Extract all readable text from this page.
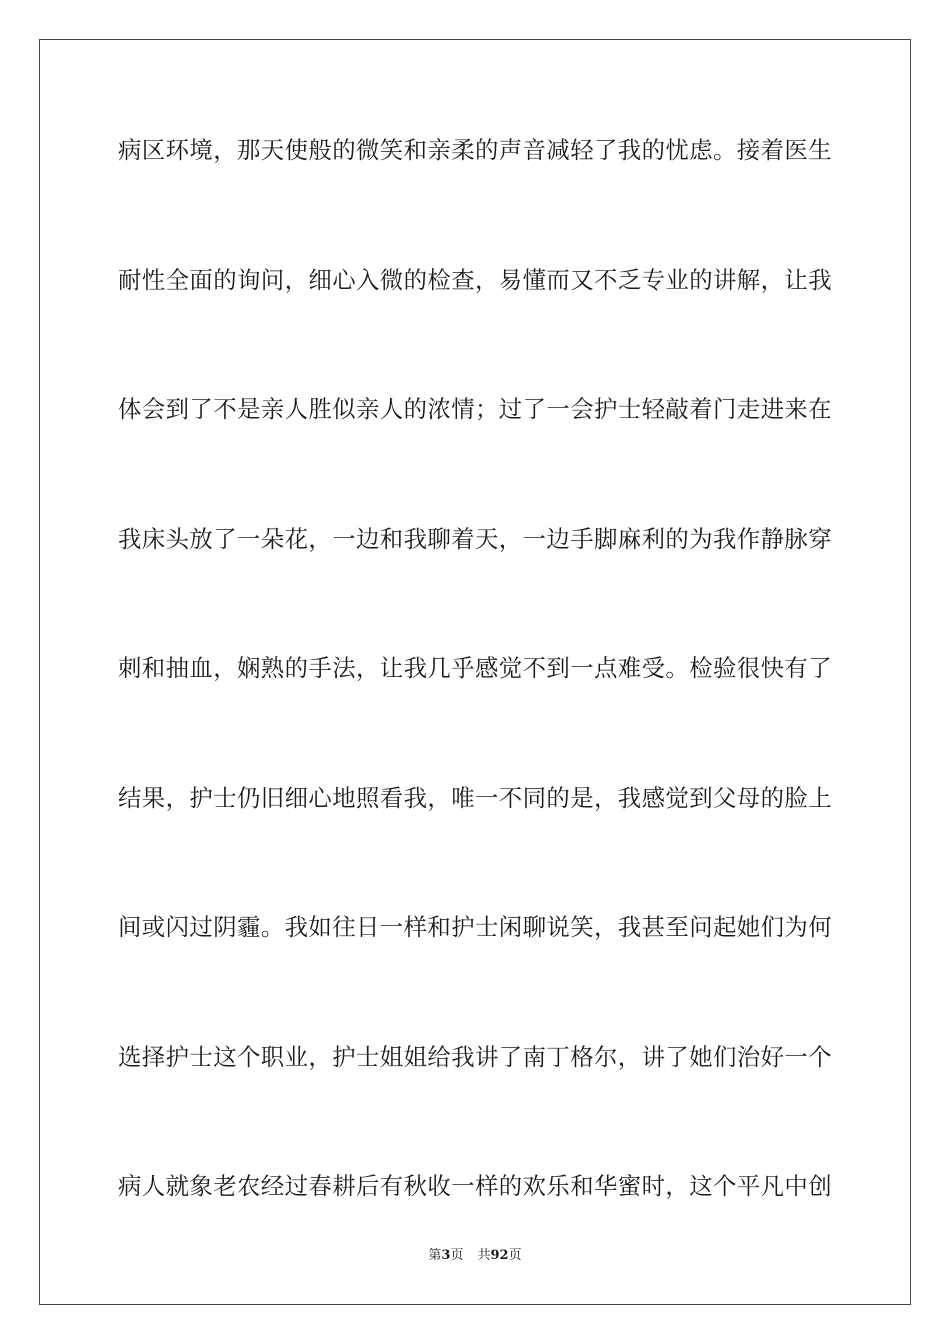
病区环境，那天使般的微笑和亲柔的声音减轻了我的忧虑。接着医生
耐性全面的询问，细心入微的检查，易懂而又不乏专业的讲解，让我
体会到了不是亲人胜似亲人的浓情；过了一会护士轻敲着门走进来在
我床头放了一朵花，一边和我聊着天，一边手脚麻利的为我作静脉穿
刺和抽血，娴熟的手法，让我几乎感觉不到一点难受。检验很快有了
结果，护士仍旧细心地照看我，唯一不同的是，我感觉到父母的脸上
间或闪过阴霾。我如往日一样和护士闲聊说笑，我甚至问起她们为何
选择护士这个职业，护士姐姐给我讲了南丁格尔，讲了她们治好一个
病人就象老农经过春耕后有秋收一样的欢乐和华蜜时，这个平凡中创
第3页 共92页
